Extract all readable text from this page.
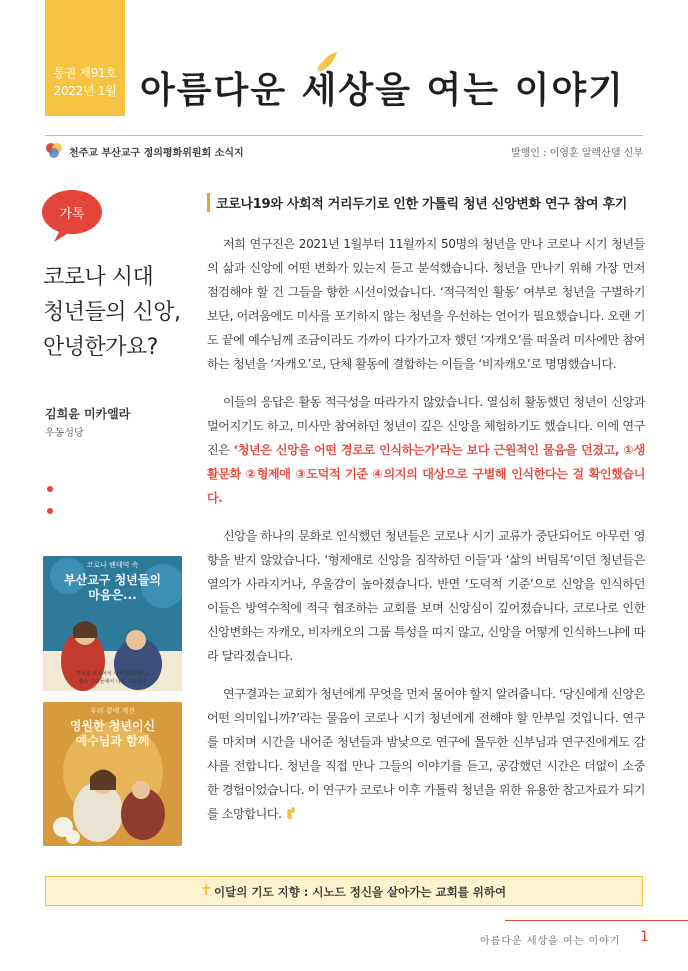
통권 제91호
2022년 1월 아름다운 세상을 여는 이야기
천주교 부산교구 정의평화위원회 소식지	발행인 : 이영훈 알렉산델 신부
가톡
코로나 시대
청년들의 신앙,
안녕한가요?
김희윤 미카엘라
우동성당
코로나 팬데믹 속
부산교구 청년들의
마음은...
주님을 모셨어서 내게 힘을내시고
환요 우리들에서 나를 구하셨네
우리 곁에 계신
영원한 청년이신
예수님과 함께
코로나19와 사회적 거리두기로 인한 가톨릭 청년 신앙변화 연구 참여 후기

저희 연구진은 2021년 1월부터 11월까지 50명의 청년을 만나 코로나 시기 청년들의 삶과 신앙에 어떤 변화가 있는지 듣고 분석했습니다. 청년을 만나기 위해 가장 먼저 점검해야 할 건 그들을 향한 시선이었습니다. ‘적극적인 활동’ 여부로 청년을 구별하기보단, 어려움에도 미사를 포기하지 않는 청년을 우선하는 언어가 필요했습니다. 오랜 기도 끝에 예수님께 조금이라도 가까이 다가가고자 했던 ‘자캐오’를 떠올려 미사에만 참여하는 청년을 ‘자캐오’로, 단체 활동에 결합하는 이들을 ‘비자캐오’로 명명했습니다.

이들의 응답은 활동 적극성을 따라가지 않았습니다. 열심히 활동했던 청년이 신앙과 멀어지기도 하고, 미사만 참여하던 청년이 깊은 신앙을 체험하기도 했습니다. 이에 연구진은 ‘청년은 신앙을 어떤 경로로 인식하는가’라는 보다 근원적인 물음을 던졌고, ①생활문화 ②형제애 ③도덕적 기준 ④의지의 대상으로 구별해 인식한다는 걸 확인했습니다.

신앙을 하나의 문화로 인식했던 청년들은 코로나 시기 교류가 중단되어도 아무런 영향을 받지 않았습니다. ‘형제애로 신앙을 짐작하던 이들’과 ‘삶의 버팀목’이던 청년들은 열의가 사라지거나, 우울감이 높아졌습니다. 반면 ‘도덕적 기준’으로 신앙을 인식하던 이들은 방역수칙에 적극 협조하는 교회를 보며 신앙심이 깊어졌습니다. 코로나로 인한 신앙변화는 자캐오, 비자캐오의 그룹 특성을 띠지 않고, 신앙을 어떻게 인식하느냐에 따라 달라졌습니다.

연구결과는 교회가 청년에게 무엇을 먼저 물어야 할지 알려줍니다. ‘당신에게 신앙은 어떤 의미입니까?’라는 물음이 코로나 시기 청년에게 전해야 할 안부일 것입니다. 연구를 마치며 시간을 내어준 청년들과 밤낮으로 연구에 몰두한 신부님과 연구진에게도 감사를 전합니다. 청년을 직접 만나 그들의 이야기를 듣고, 공감했던 시간은 더없이 소중한 경험이었습니다. 이 연구가 코로나 이후 가톨릭 청년을 위한 유용한 참고자료가 되기를 소망합니다.

✝ 이달의 기도 지향 : 시노드 정신을 살아가는 교회를 위하여
아름다운 세상을 여는 이야기 1
